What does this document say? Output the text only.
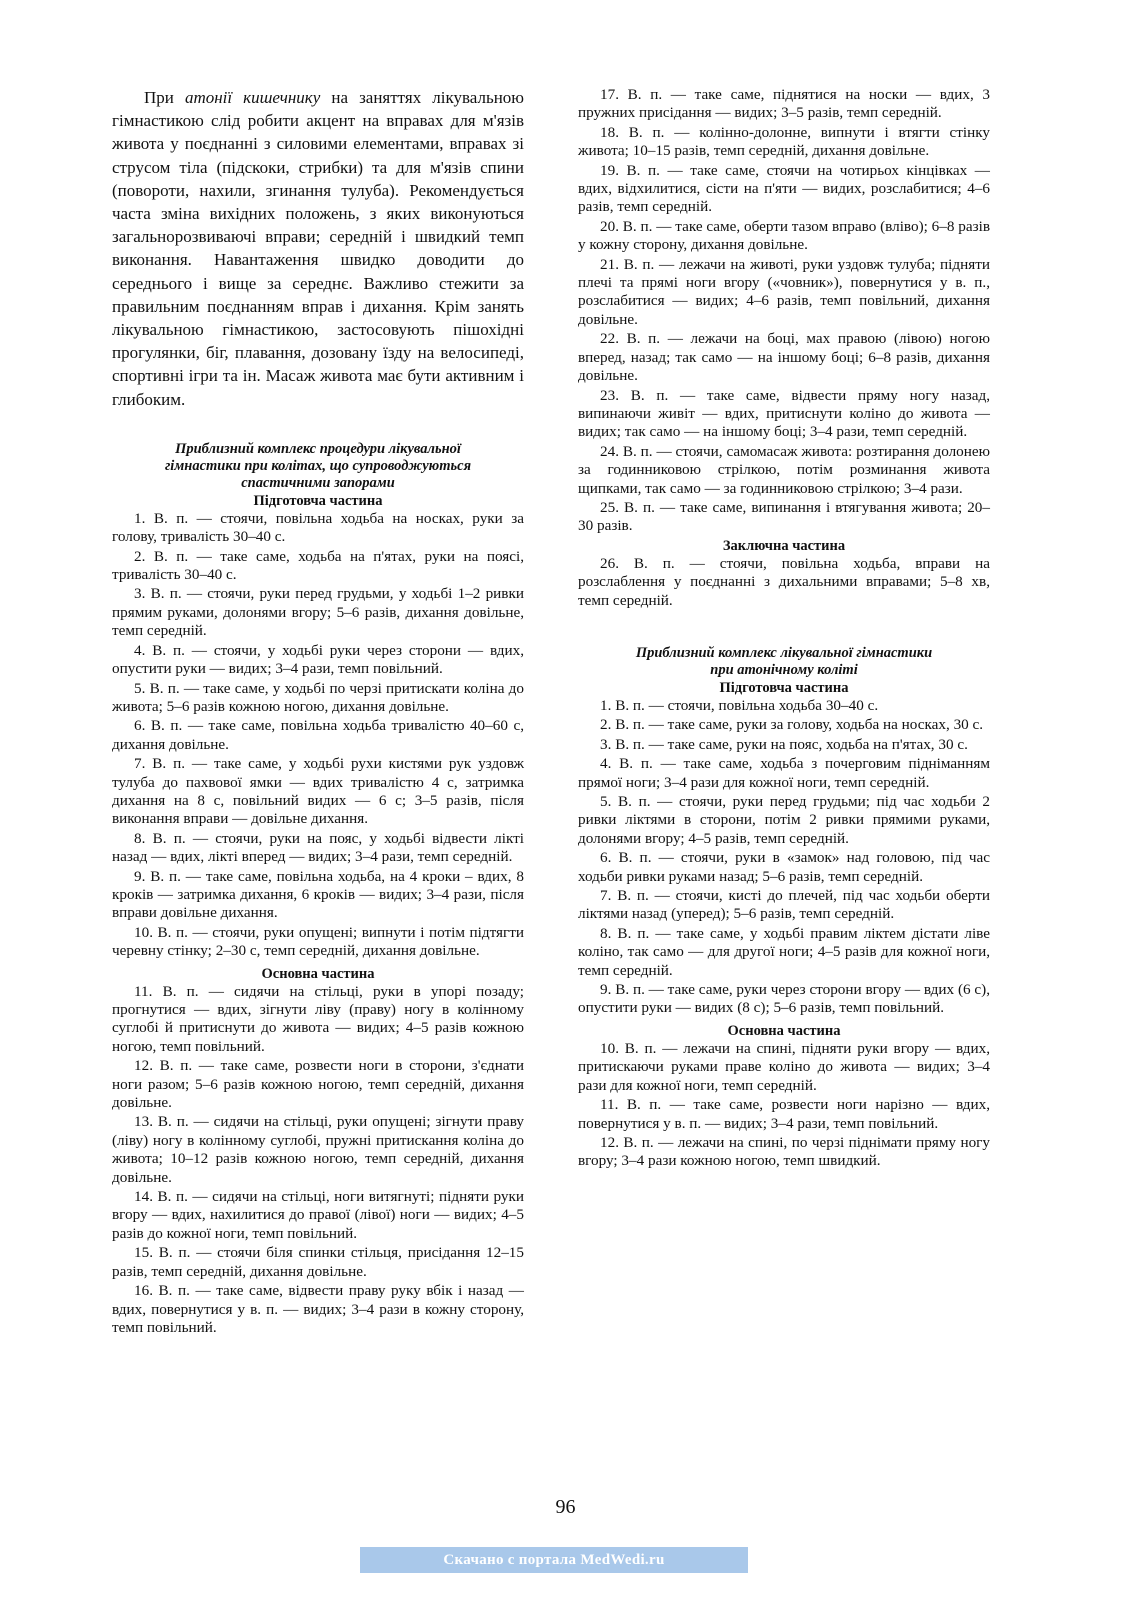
При атонії кишечнику на заняттях лікувальною гімнастикою слід робити акцент на вправах для м'язів живота у поєднанні з силовими елементами, вправах зі струсом тіла (підскоки, стрибки) та для м'язів спини (повороти, нахили, згинання тулуба). Рекомендується часта зміна вихідних положень, з яких виконуються загальнорозвиваючі вправи; середній і швидкий темп виконання. Навантаження швидко доводити до середнього і вище за середнє. Важливо стежити за правильним поєднанням вправ і дихання. Крім занять лікувальною гімнастикою, застосовують пішохідні прогулянки, біг, плавання, дозовану їзду на велосипеді, спортивні ігри та ін. Масаж живота має бути активним і глибоким.

Приблизний комплекс процедури лікувальної
гімнастики при колітах, що супроводжуються
спастичними запорами

Підготовча частина

1. В. п. — стоячи, повільна ходьба на носках, руки за голову, тривалість 30–40 с.

2. В. п. — таке саме, ходьба на п'ятах, руки на поясі, тривалість 30–40 с.

3. В. п. — стоячи, руки перед грудьми, у ходьбі 1–2 ривки прямим руками, долонями вгору; 5–6 разів, дихання довільне, темп середній.

4. В. п. — стоячи, у ходьбі руки через сторони — вдих, опустити руки — видих; 3–4 рази, темп повільний.

5. В. п. — таке саме, у ходьбі по черзі притискати коліна до живота; 5–6 разів кожною ногою, дихання довільне.

6. В. п. — таке саме, повільна ходьба тривалістю 40–60 с, дихання довільне.

7. В. п. — таке саме, у ходьбі рухи кистями рук уздовж тулуба до пахвової ямки — вдих тривалістю 4 с, затримка дихання на 8 с, повільний видих — 6 с; 3–5 разів, після виконання вправи — довільне дихання.

8. В. п. — стоячи, руки на пояс, у ходьбі відвести лікті назад — вдих, лікті вперед — видих; 3–4 рази, темп середній.

9. В. п. — таке саме, повільна ходьба, на 4 кроки – вдих, 8 кроків — затримка дихання, 6 кроків — видих; 3–4 рази, після вправи довільне дихання.

10. В. п. — стоячи, руки опущені; випнути і потім підтягти черевну стінку; 2–30 с, темп середній, дихання довільне.

Основна частина

11. В. п. — сидячи на стільці, руки в упорі позаду; прогнутися — вдих, зігнути ліву (праву) ногу в колінному суглобі й притиснути до живота — видих; 4–5 разів кожною ногою, темп повільний.

12. В. п. — таке саме, розвести ноги в сторони, з'єднати ноги разом; 5–6 разів кожною ногою, темп середній, дихання довільне.

13. В. п. — сидячи на стільці, руки опущені; зігнути праву (ліву) ногу в колінному суглобі, пружні притискання коліна до живота; 10–12 разів кожною ногою, темп середній, дихання довільне.

14. В. п. — сидячи на стільці, ноги витягнуті; підняти руки вгору — вдих, нахилитися до правої (лівої) ноги — видих; 4–5 разів до кожної ноги, темп повільний.

15. В. п. — стоячи біля спинки стільця, присідання 12–15 разів, темп середній, дихання довільне.

16. В. п. — таке саме, відвести праву руку вбік і назад — вдих, повернутися у в. п. — видих; 3–4 рази в кожну сторону, темп повільний.

17. В. п. — таке саме, піднятися на носки — вдих, 3 пружних присідання — видих; 3–5 разів, темп середній.

18. В. п. — колінно-долонне, випнути і втягти стінку живота; 10–15 разів, темп середній, дихання довільне.

19. В. п. — таке саме, стоячи на чотирьох кінцівках — вдих, відхилитися, сісти на п'яти — видих, розслабитися; 4–6 разів, темп середній.

20. В. п. — таке саме, оберти тазом вправо (вліво); 6–8 разів у кожну сторону, дихання довільне.

21. В. п. — лежачи на животі, руки уздовж тулуба; підняти плечі та прямі ноги вгору («човник»), повернутися у в. п., розслабитися — видих; 4–6 разів, темп повільний, дихання довільне.

22. В. п. — лежачи на боці, мах правою (лівою) ногою вперед, назад; так само — на іншому боці; 6–8 разів, дихання довільне.

23. В. п. — таке саме, відвести пряму ногу назад, випинаючи живіт — вдих, притиснути коліно до живота — видих; так само — на іншому боці; 3–4 рази, темп середній.

24. В. п. — стоячи, самомасаж живота: розтирання долонею за годинниковою стрілкою, потім розминання живота щипками, так само — за годинниковою стрілкою; 3–4 рази.

25. В. п. — таке саме, випинання і втягування живота; 20–30 разів.

Заключна частина

26. В. п. — стоячи, повільна ходьба, вправи на розслаблення у поєднанні з дихальними вправами; 5–8 хв, темп середній.

Приблизний комплекс лікувальної гімнастики
при атонічному коліті

Підготовча частина

1. В. п. — стоячи, повільна ходьба 30–40 с.

2. В. п. — таке саме, руки за голову, ходьба на носках, 30 с.

3. В. п. — таке саме, руки на пояс, ходьба на п'ятах, 30 с.

4. В. п. — таке саме, ходьба з почерговим підніманням прямої ноги; 3–4 рази для кожної ноги, темп середній.

5. В. п. — стоячи, руки перед грудьми; під час ходьби 2 ривки ліктями в сторони, потім 2 ривки прямими руками, долонями вгору; 4–5 разів, темп середній.

6. В. п. — стоячи, руки в «замок» над головою, під час ходьби ривки руками назад; 5–6 разів, темп середній.

7. В. п. — стоячи, кисті до плечей, під час ходьби оберти ліктями назад (уперед); 5–6 разів, темп середній.

8. В. п. — таке саме, у ходьбі правим ліктем дістати ліве коліно, так само — для другої ноги; 4–5 разів для кожної ноги, темп середній.

9. В. п. — таке саме, руки через сторони вгору — вдих (6 с), опустити руки — видих (8 с); 5–6 разів, темп повільний.

Основна частина

10. В. п. — лежачи на спині, підняти руки вгору — вдих, притискаючи руками праве коліно до живота — видих; 3–4 рази для кожної ноги, темп середній.

11. В. п. — таке саме, розвести ноги нарізно — вдих, повернутися у в. п. — видих; 3–4 рази, темп повільний.

12. В. п. — лежачи на спині, по черзі піднімати пряму ногу вгору; 3–4 рази кожною ногою, темп швидкий.

96
Скачано с портала MedWedi.ru
